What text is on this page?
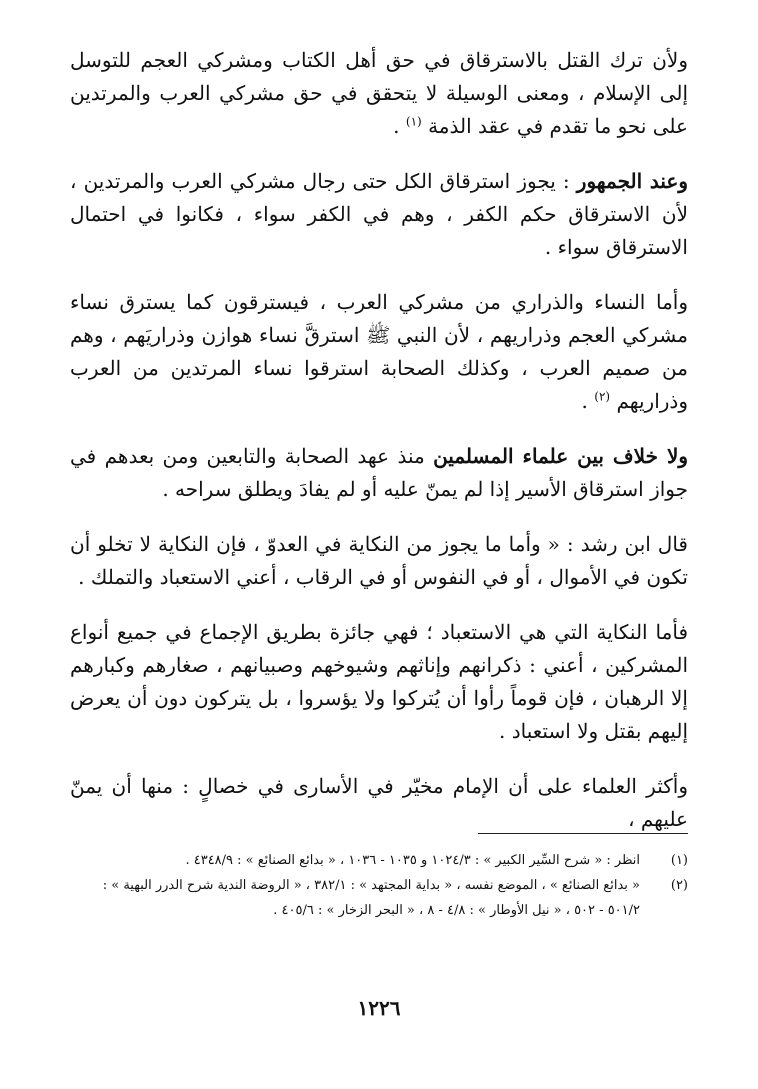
ولأن ترك القتل بالاسترقاق في حق أهل الكتاب ومشركي العجم للتوسل إلى الإسلام ، ومعنى الوسيلة لا يتحقق في حق مشركي العرب والمرتدين على نحو ما تقدم في عقد الذمة $^{(١)}$ .

وعند الجمهور : يجوز استرقاق الكل حتى رجال مشركي العرب والمرتدين ، لأن الاسترقاق حكم الكفر ، وهم في الكفر سواء ، فكانوا في احتمال الاسترقاق سواء .

وأما النساء والذراري من مشركي العرب ، فيسترقون كما يسترق نساء مشركي العجم وذراريهم ، لأن النبي ﷺ استرقَّ نساء هوازن وذراريَهم ، وهم من صميم العرب ، وكذلك الصحابة استرقوا نساء المرتدين من العرب وذراريهم $^{(٢)}$ .

ولا خلاف بين علماء المسلمين منذ عهد الصحابة والتابعين ومن بعدهم في جواز استرقاق الأسير إذا لم يمنّ عليه أو لم يفادَ ويطلق سراحه .

قال ابن رشد : « وأما ما يجوز من النكاية في العدوّ ، فإن النكاية لا تخلو أن تكون في الأموال ، أو في النفوس أو في الرقاب ، أعني الاستعباد والتملك .

فأما النكاية التي هي الاستعباد ؛ فهي جائزة بطريق الإجماع في جميع أنواع المشركين ، أعني : ذكرانهم وإناثهم وشيوخهم وصبيانهم ، صغارهم وكبارهم إلا الرهبان ، فإن قوماً رأوا أن يُتركوا ولا يؤسروا ، بل يتركون دون أن يعرض إليهم بقتل ولا استعباد .

وأكثر العلماء على أن الإمام مخيّر في الأسارى في خصالٍ : منها أن يمنّ عليهم ،

(١)
انظر : « شرح السِّير الكبير » : ١٠٢٤/٣ و ١٠٣٥ - ١٠٣٦ ، « بدائع الصنائع » : ٤٣٤٨/٩ .
(٢)
« بدائع الصنائع » ، الموضع نفسه ، « بداية المجتهد » : ٣٨٢/١ ، « الروضة الندية شرح الدرر البهية » : ٥٠١/٢ - ٥٠٢ ، « نيل الأوطار » : ٤/٨ - ٨ ، « البحر الزخار » : ٤٠٥/٦ .
١٢٢٦
